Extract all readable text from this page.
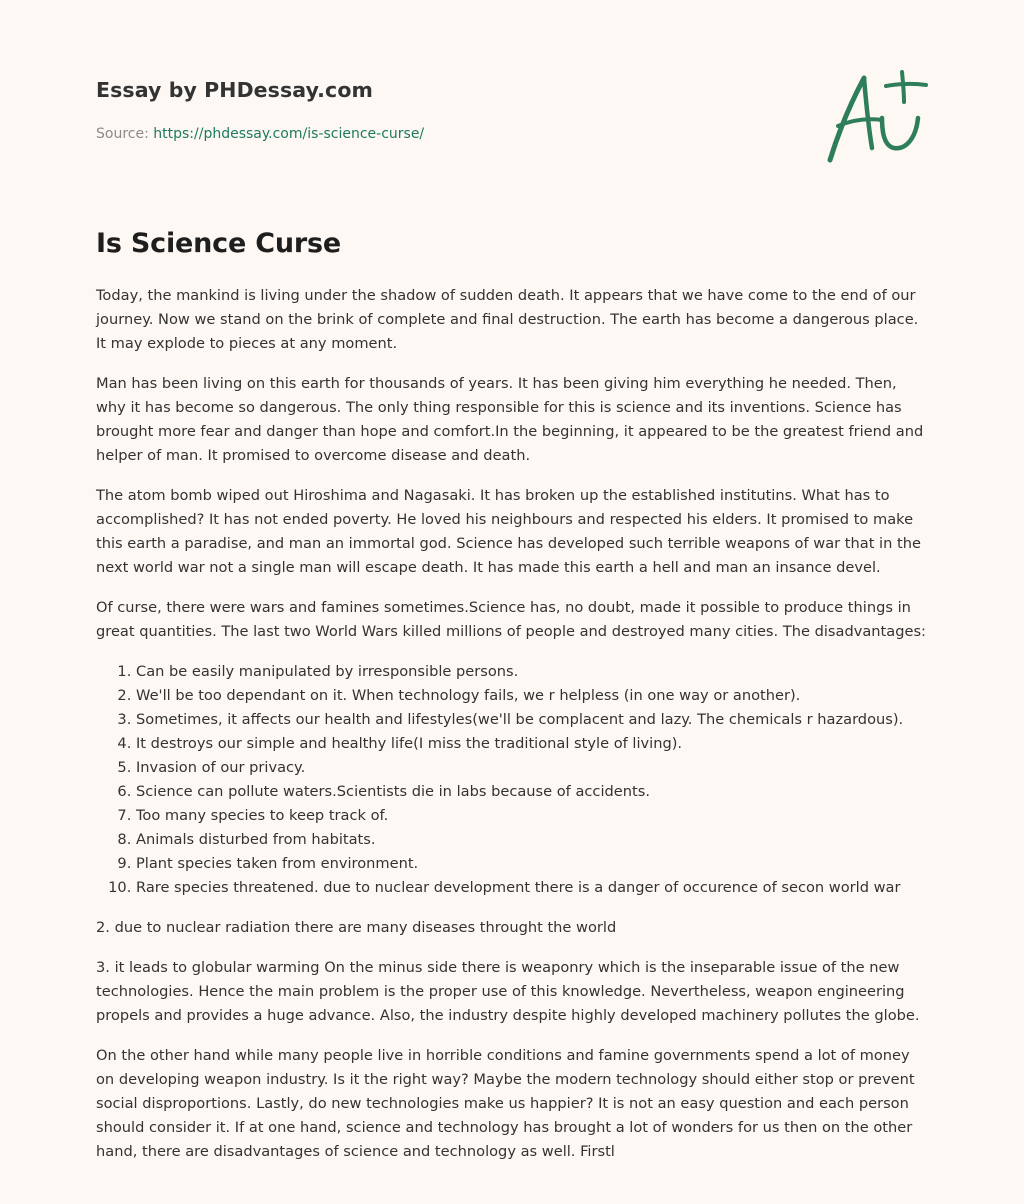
Essay by PHDessay.com
Source: https://phdessay.com/is-science-curse/
Is Science Curse

Today, the mankind is living under the shadow of sudden death. It appears that we have come to the end of our journey. Now we stand on the brink of complete and final destruction. The earth has become a dangerous place. It may explode to pieces at any moment.

Man has been living on this earth for thousands of years. It has been giving him everything he needed. Then, why it has become so dangerous. The only thing responsible for this is science and its inventions. Science has brought more fear and danger than hope and comfort.In the beginning, it appeared to be the greatest friend and helper of man. It promised to overcome disease and death.

The atom bomb wiped out Hiroshima and Nagasaki. It has broken up the established institutins. What has to accomplished? It has not ended poverty. He loved his neighbours and respected his elders. It promised to make this earth a paradise, and man an immortal god. Science has developed such terrible weapons of war that in the next world war not a single man will escape death. It has made this earth a hell and man an insance devel.

Of curse, there were wars and famines sometimes.Science has, no doubt, made it possible to produce things in great quantities. The last two World Wars killed millions of people and destroyed many cities. The disadvantages:

1. Can be easily manipulated by irresponsible persons.
2. We'll be too dependant on it. When technology fails, we r helpless (in one way or another).
3. Sometimes, it affects our health and lifestyles(we'll be complacent and lazy. The chemicals r hazardous).
4. It destroys our simple and healthy life(I miss the traditional style of living).
5. Invasion of our privacy.
6. Science can pollute waters.Scientists die in labs because of accidents.
7. Too many species to keep track of.
8. Animals disturbed from habitats.
9. Plant species taken from environment.
10. Rare species threatened. due to nuclear development there is a danger of occurence of secon world war

2. due to nuclear radiation there are many diseases throught the world

3. it leads to globular warming On the minus side there is weaponry which is the inseparable issue of the new technologies. Hence the main problem is the proper use of this knowledge. Nevertheless, weapon engineering propels and provides a huge advance. Also, the industry despite highly developed machinery pollutes the globe.

On the other hand while many people live in horrible conditions and famine governments spend a lot of money on developing weapon industry. Is it the right way? Maybe the modern technology should either stop or prevent social disproportions. Lastly, do new technologies make us happier? It is not an easy question and each person should consider it. If at one hand, science and technology has brought a lot of wonders for us then on the other hand, there are disadvantages of science and technology as well. Firstl
